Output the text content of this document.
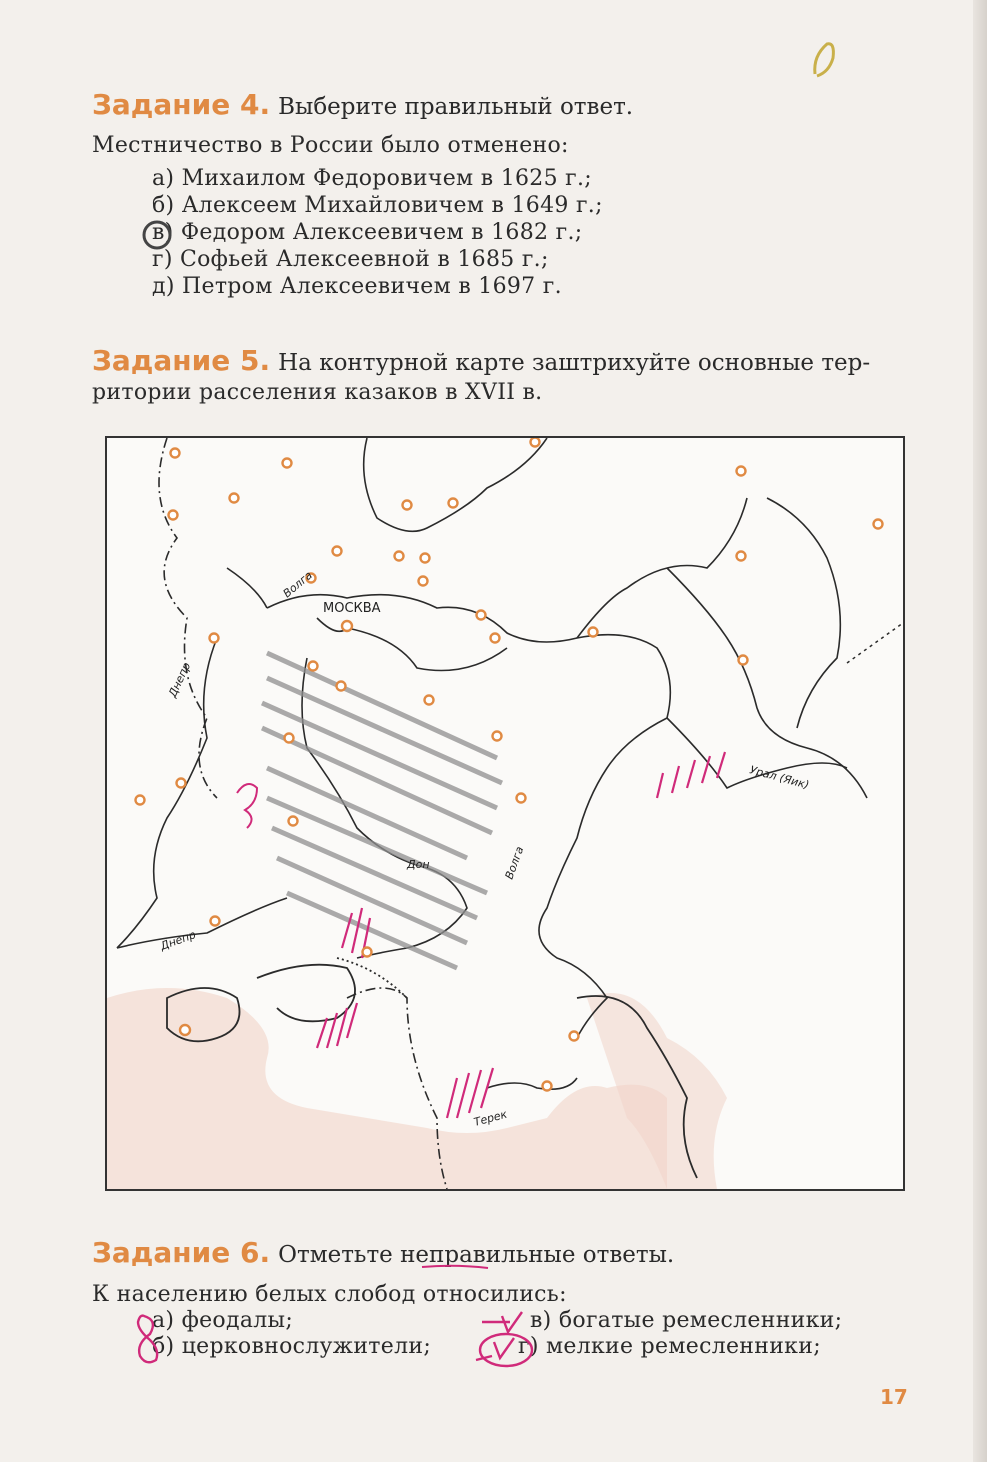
Задание 4. Выберите правильный ответ.
Местничество в России было отменено:
а) Михаилом Федоровичем в 1625 г.;
б) Алексеем Михайловичем в 1649 г.;
в) Федором Алексеевичем в 1682 г.;
г) Софьей Алексеевной в 1685 г.;
д) Петром Алексеевичем в 1697 г.
Задание 5. На контурной карте заштрихуйте основные тер-
ритории расселения казаков в XVII в.
МОСКВА
Волга
Волга
Днепр
Днепр
Дон
Урал (Яик)
Терек
Задание 6. Отметьте неправильные ответы.
К населению белых слобод относились:
а) феодалы;
б) церковнослужители;
в) богатые ремесленники;
г) мелкие ремесленники;
17
